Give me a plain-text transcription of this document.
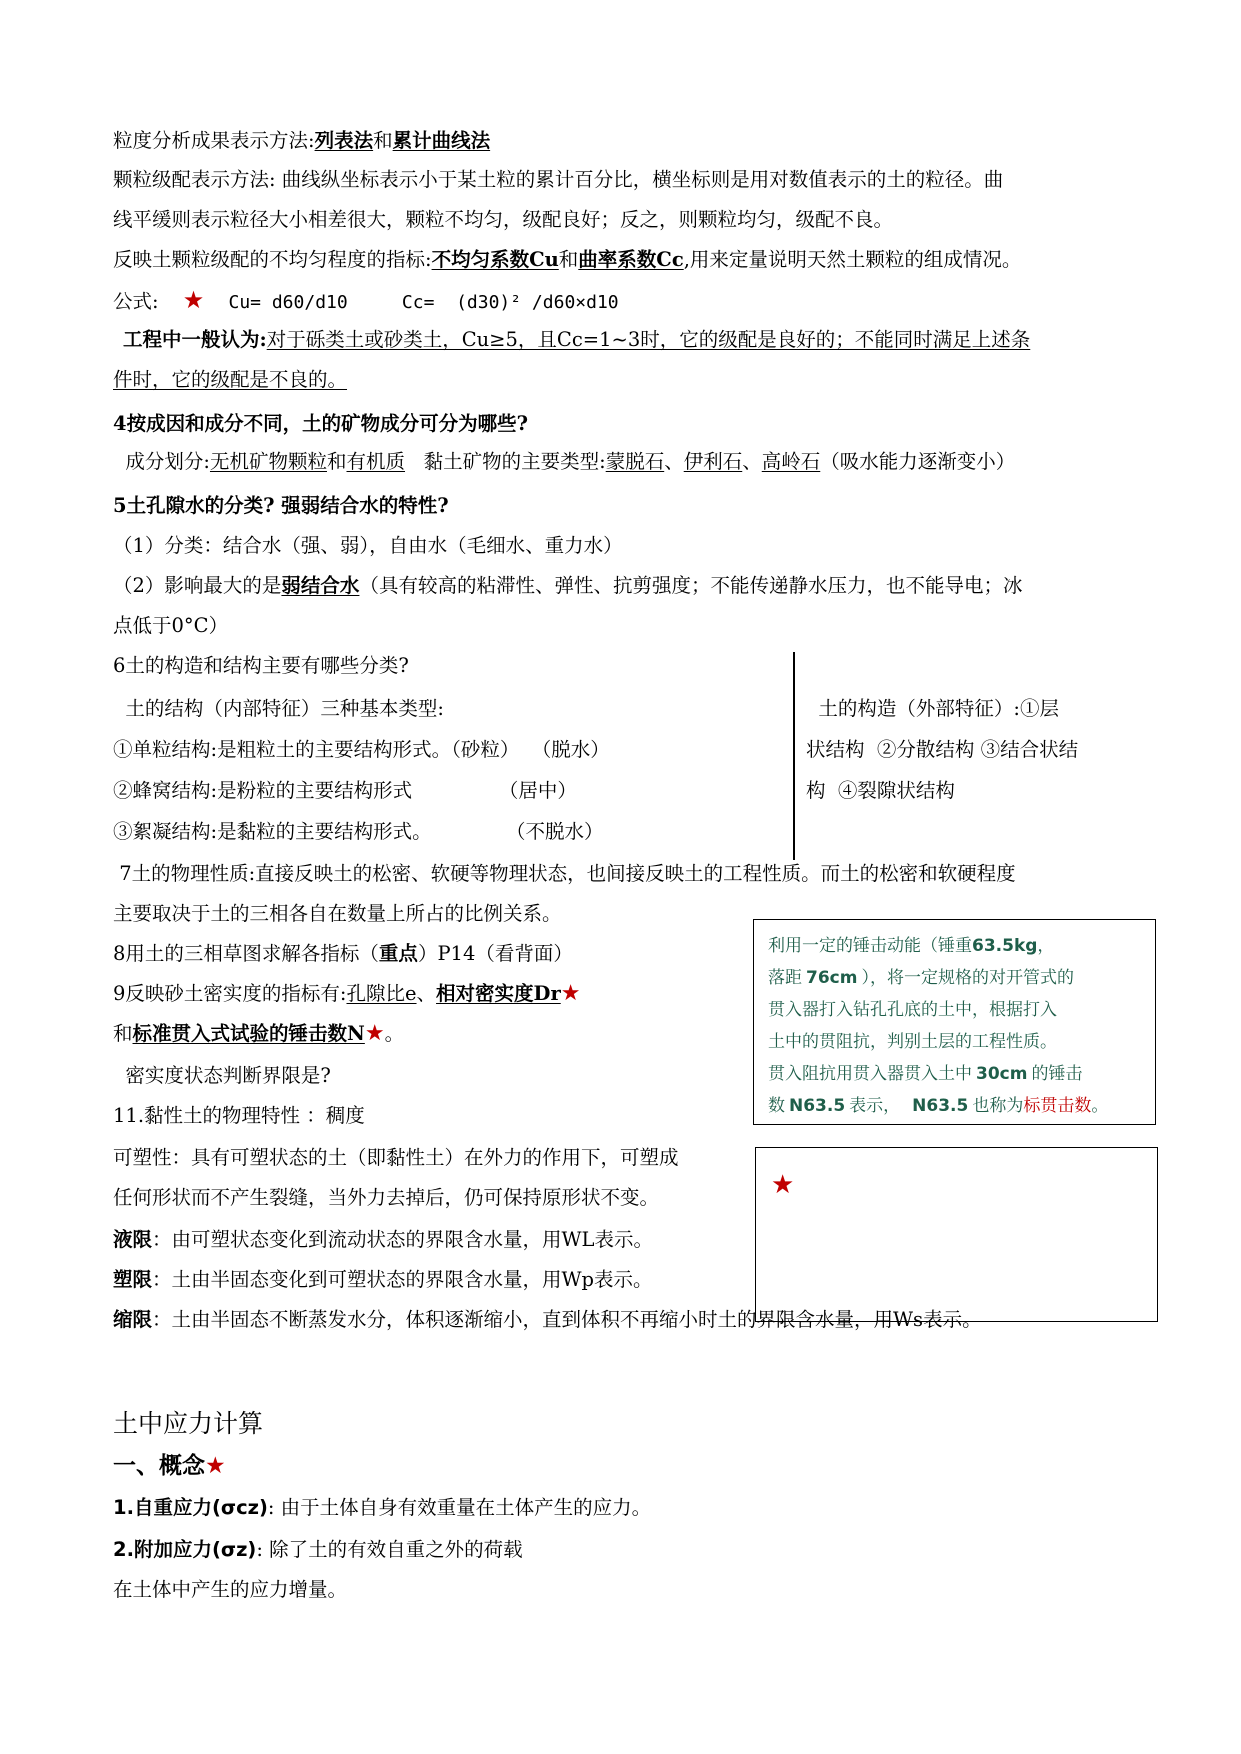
粒度分析成果表示方法:列表法和累计曲线法
颗粒级配表示方法: 曲线纵坐标表示小于某土粒的累计百分比，横坐标则是用对数值表示的土的粒径。曲
线平缓则表示粒径大小相差很大，颗粒不均匀，级配良好；反之，则颗粒均匀，级配不良。
反映土颗粒级配的不均匀程度的指标:不均匀系数Cu和曲率系数Cc,用来定量说明天然土颗粒的组成情况。
公式: ★ Cu= d60/d10     Cc=  (d30)² /d60×d10
工程中一般认为:对于砾类土或砂类土，Cu≥5，且Cc=1~3时，它的级配是良好的；不能同时满足上述条
件时，它的级配是不良的。
4按成因和成分不同，土的矿物成分可分为哪些?
成分划分:无机矿物颗粒和有机质   黏土矿物的主要类型:蒙脱石、伊利石、高岭石（吸水能力逐渐变小）
5土孔隙水的分类? 强弱结合水的特性?
（1）分类：结合水（强、弱），自由水（毛细水、重力水）
（2）影响最大的是弱结合水（具有较高的粘滞性、弹性、抗剪强度；不能传递静水压力，也不能导电；冰
点低于0°C）
6土的构造和结构主要有哪些分类?
土的结构（内部特征）三种基本类型:
①单粒结构:是粗粒土的主要结构形式。（砂粒）  （脱水）
②蜂窝结构:是粉粒的主要结构形式              （居中）
③絮凝结构:是黏粒的主要结构形式。            （不脱水）
土的构造（外部特征）:①层
状结构  ②分散结构 ③结合状结
构  ④裂隙状结构
7土的物理性质:直接反映土的松密、软硬等物理状态，也间接反映土的工程性质。而土的松密和软硬程度
主要取决于土的三相各自在数量上所占的比例关系。
8用土的三相草图求解各指标（重点）P14（看背面）
9反映砂土密实度的指标有:孔隙比e、相对密实度Dr★
和标准贯入式试验的锤击数N★。
密实度状态判断界限是?
11.黏性土的物理特性 ：稠度
可塑性：具有可塑状态的土（即黏性土）在外力的作用下，可塑成
任何形状而不产生裂缝，当外力去掉后，仍可保持原形状不变。
液限：由可塑状态变化到流动状态的界限含水量，用WL表示。
塑限：土由半固态变化到可塑状态的界限含水量，用Wp表示。
缩限：土由半固态不断蒸发水分，体积逐渐缩小，直到体积不再缩小时土的界限含水量，用Ws表示。
利用一定的锤击动能（锤重63.5kg，
落距 76cm ），将一定规格的对开管式的
贯入器打入钻孔孔底的土中，根据打入
土中的贯阻抗，判别土层的工程性质。
贯入阻抗用贯入器贯入土中 30cm 的锤击
数 N63.5 表示， N63.5 也称为标贯击数。
★
土中应力计算
一、概念★
1.自重应力(σcz): 由于土体自身有效重量在土体产生的应力。
2.附加应力(σz): 除了土的有效自重之外的荷载
在土体中产生的应力增量。
